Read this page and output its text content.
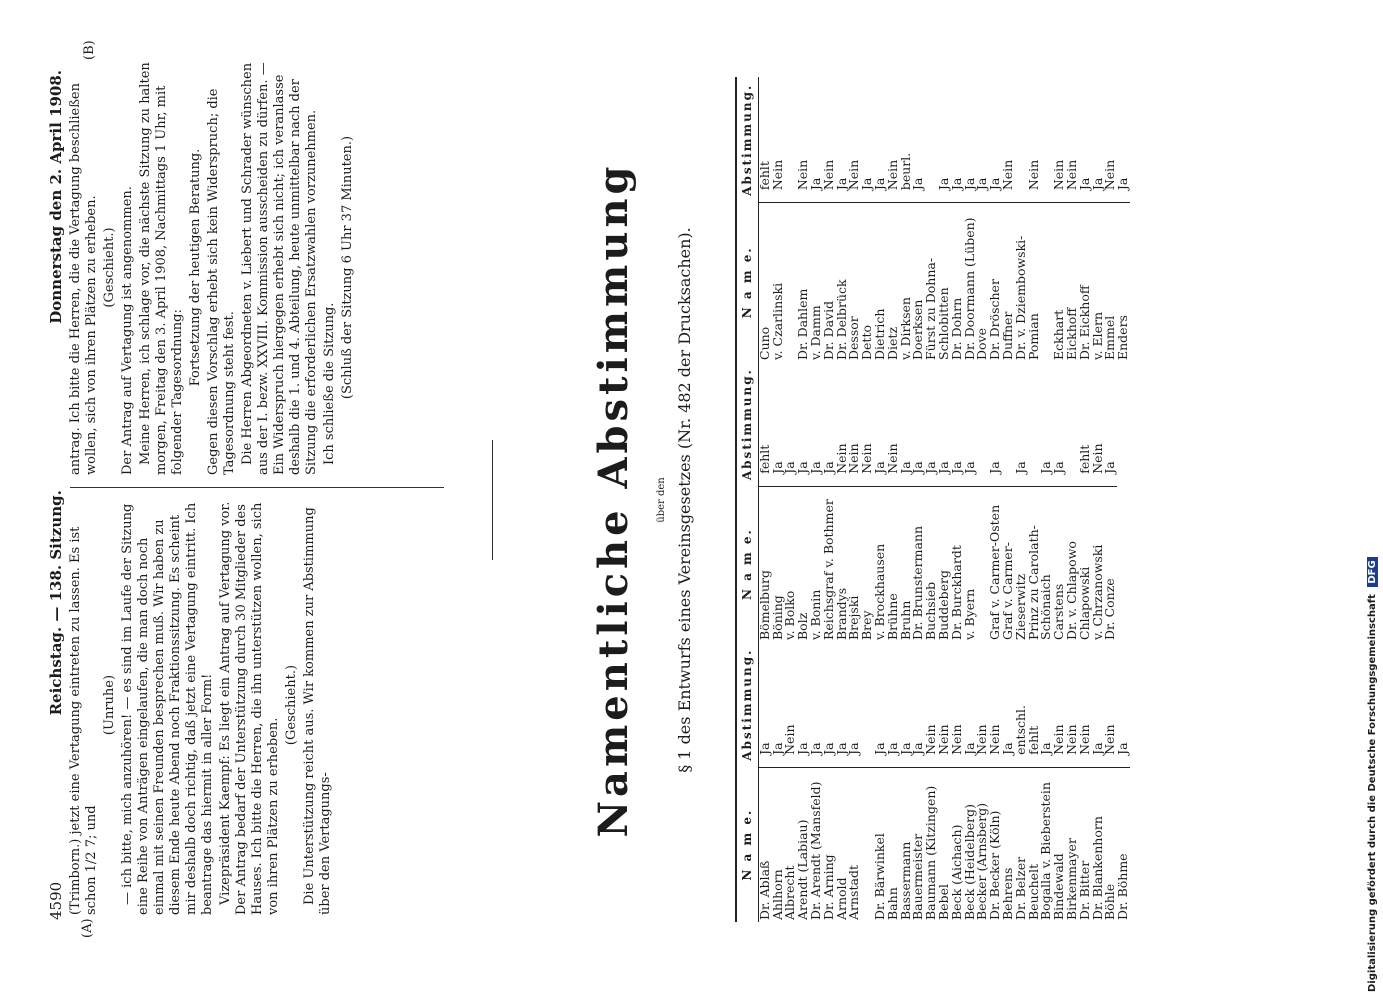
4590
Reichstag. — 138. Sitzung.
Donnerstag den 2. April 1908.
(A)
(B)

(Trimborn.) jetzt eine Vertagung eintreten zu lassen. Es ist schon 1/2 7; und

(Unruhe) — ich bitte, mich anzuhören! — es sind im Laufe der Sitzung eine Reihe von Anträgen eingelaufen, die man doch noch einmal mit seinen Freunden besprechen muß. Wir haben zu diesem Ende heute Abend noch Fraktionssitzung. Es scheint mir deshalb doch richtig, daß jetzt eine Vertagung eintritt. Ich beantrage das hiermit in aller Form! Vizepräsident Kaempf: Es liegt ein Antrag auf Vertagung vor. Der Antrag bedarf der Unterstützung durch 30 Mitglieder des Hauses. Ich bitte die Herren, die ihn unterstützen wollen, sich von ihren Plätzen zu erheben.

(Geschieht.) Die Unterstützung reicht aus. Wir kommen zur Abstimmung über den Vertagungs-

antrag. Ich bitte die Herren, die die Vertagung beschließen wollen, sich von ihren Plätzen zu erheben. (Geschieht.) Der Antrag auf Vertagung ist angenommen. Meine Herren, ich schlage vor, die nächste Sitzung zu halten morgen, Freitag den 3. April 1908, Nachmittags 1 Uhr, mit folgender Tagesordnung:

Fortsetzung der heutigen Beratung. Gegen diesen Vorschlag erhebt sich kein Widerspruch; die Tagesordnung steht fest. Die Herren Abgeordneten v. Liebert und Schrader wünschen aus der I. bezw. XXVIII. Kommission ausscheiden zu dürfen. — Ein Widerspruch hiergegen erhebt sich nicht; ich veranlasse deshalb die 1. und 4. Abteilung, heute unmittelbar nach der Sitzung die erforderlichen Ersatzwahlen vorzunehmen. Ich schließe die Sitzung. (Schluß der Sitzung 6 Uhr 37 Minuten.)	Namentliche Abstimmung über den § 1 des Entwurfs eines Vereinsgesetzes (Nr. 482 der Drucksachen).
N a m e.	Abstimmung.
Dr. Ablaß	Ja
Ahlhorn	Ja
Albrecht	Nein
Arendt (Labiau)	Ja
Dr. Arendt (Mansfeld)	Ja
Dr. Arning	Ja
Arnold	Ja
Arnstadt	Ja

Dr. Bärwinkel	Ja
Bahn	Ja
Bassermann	Ja
Bauermeister	Ja
Baumann (Kitzingen)	Nein
Bebel	Nein
Beck (Aichach)	Nein
Beck (Heidelberg)	Ja
Becker (Arnsberg)	Nein
Dr. Becker (Köln)	Nein
Behrens	Ja
Dr. Belzer	entschl.
Beuchelt	fehlt
Bogalla v. Bieberstein	Ja
Bindewald	Nein
Birkenmayer	Nein
Dr. Bitter	Nein
Dr. Blankenhorn	Ja
Böhle	Nein
Dr. Böhme	Ja
N a m e.	Abstimmung.
Bömelburg	fehlt
Böning	Ja
v. Bolko	Ja
Bolz	Ja
v. Bonin	Ja
Reichsgraf v. Bothmer	Ja
Brandys	Nein
Brejski	Nein
Brey	Nein
v. Brockhausen	Ja
Brühne	Nein
Bruhn	Ja
Dr. Brunstermann	Ja
Buchsieb	Ja
Buddeberg	Ja
Dr. Burckhardt	Ja
v. Byern	Ja

Graf v. Carmer-Osten	Ja
Graf v. Carmer-	
Zieserwitz	Ja
Prinz zu Carolath-	
Schönaich	Ja
Carstens	Ja
Dr. v. Chlapowo	
Chlapowski	fehlt
v. Chrzanowski	Nein
Dr. Conze	Ja
N a m e.	Abstimmung.
Cuno	fehlt
v. Czarlinski	Nein

Dr. Dahlem	Nein
v. Damm	Ja
Dr. David	Nein
Dr. Delbrück	Ja
Dessor	Nein
Detto	Ja
Dietrich	Ja
Dietz	Nein
v. Dirksen	beurl.
Doerksen	Ja
Fürst zu Dohna-	
Schlobitten	Ja
Dr. Dohrn	Ja
Dr. Doormann (Lüben)	Ja
Dove	Ja
Dr. Dröscher	Ja
Duffner	Nein
Dr. v. Dziembowski-	
Pomian	Nein

Eckhart	Nein
Eickhoff	Nein
Dr. Eickhoff	Ja
v. Elern	Ja
Emmel	Nein
Enders	Ja
Digitalisierung gefördert durch die Deutsche Forschungsgemeinschaft DFG
